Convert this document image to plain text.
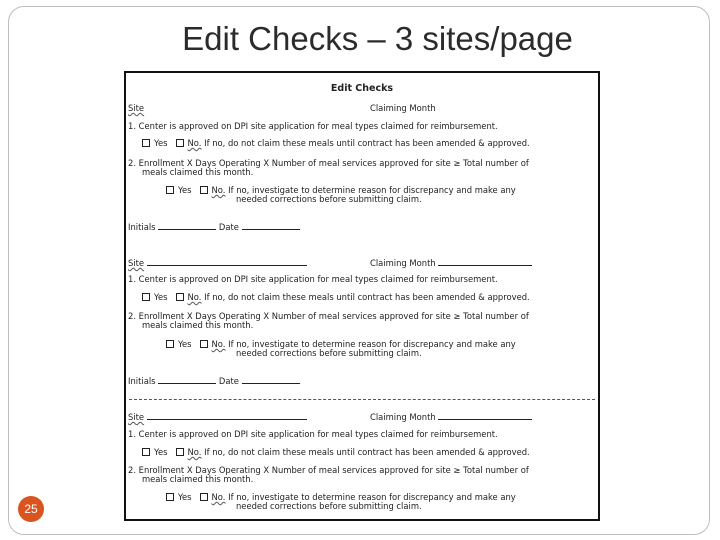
Edit Checks – 3 sites/page
Edit Checks
Site	Claiming Month
1. Center is approved on DPI site application for meal types claimed for reimbursement.
Yes No. If no, do not claim these meals until contract has been amended & approved.
2. Enrollment X Days Operating X Number of meal services approved for site ≥ Total number of
meals claimed this month.
Yes No. If no, investigate to determine reason for discrepancy and make any
needed corrections before submitting claim.
Initials	Date
Site	Claiming Month
1. Center is approved on DPI site application for meal types claimed for reimbursement.
Yes No. If no, do not claim these meals until contract has been amended & approved.
2. Enrollment X Days Operating X Number of meal services approved for site ≥ Total number of
meals claimed this month.
Yes No. If no, investigate to determine reason for discrepancy and make any
needed corrections before submitting claim.
Initials	Date
Site	Claiming Month
1. Center is approved on DPI site application for meal types claimed for reimbursement.
Yes No. If no, do not claim these meals until contract has been amended & approved.
2. Enrollment X Days Operating X Number of meal services approved for site ≥ Total number of
meals claimed this month.
Yes No. If no, investigate to determine reason for discrepancy and make any
needed corrections before submitting claim.
25
